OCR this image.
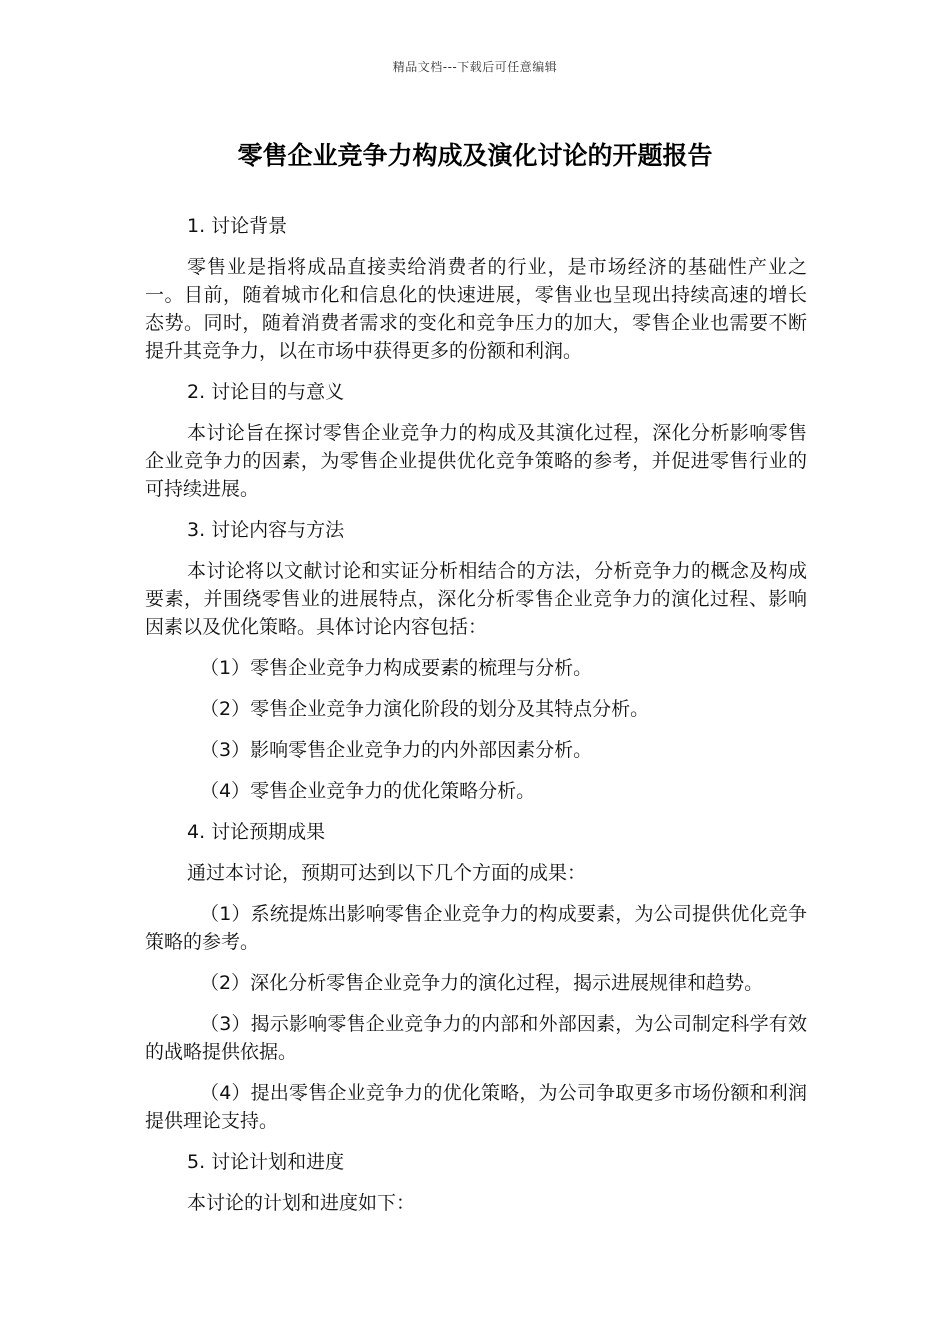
精品文档---下载后可任意编辑
零售企业竞争力构成及演化讨论的开题报告

1. 讨论背景

零售业是指将成品直接卖给消费者的行业，是市场经济的基础性产业之一。目前，随着城市化和信息化的快速进展，零售业也呈现出持续高速的增长态势。同时，随着消费者需求的变化和竞争压力的加大，零售企业也需要不断提升其竞争力，以在市场中获得更多的份额和利润。

2. 讨论目的与意义

本讨论旨在探讨零售企业竞争力的构成及其演化过程，深化分析影响零售企业竞争力的因素，为零售企业提供优化竞争策略的参考，并促进零售行业的可持续进展。

3. 讨论内容与方法

本讨论将以文献讨论和实证分析相结合的方法，分析竞争力的概念及构成要素，并围绕零售业的进展特点，深化分析零售企业竞争力的演化过程、影响因素以及优化策略。具体讨论内容包括：

（1）零售企业竞争力构成要素的梳理与分析。

（2）零售企业竞争力演化阶段的划分及其特点分析。

（3）影响零售企业竞争力的内外部因素分析。

（4）零售企业竞争力的优化策略分析。

4. 讨论预期成果

通过本讨论，预期可达到以下几个方面的成果：

（1）系统提炼出影响零售企业竞争力的构成要素，为公司提供优化竞争策略的参考。

（2）深化分析零售企业竞争力的演化过程，揭示进展规律和趋势。

（3）揭示影响零售企业竞争力的内部和外部因素，为公司制定科学有效的战略提供依据。

（4）提出零售企业竞争力的优化策略，为公司争取更多市场份额和利润提供理论支持。

5. 讨论计划和进度

本讨论的计划和进度如下：
